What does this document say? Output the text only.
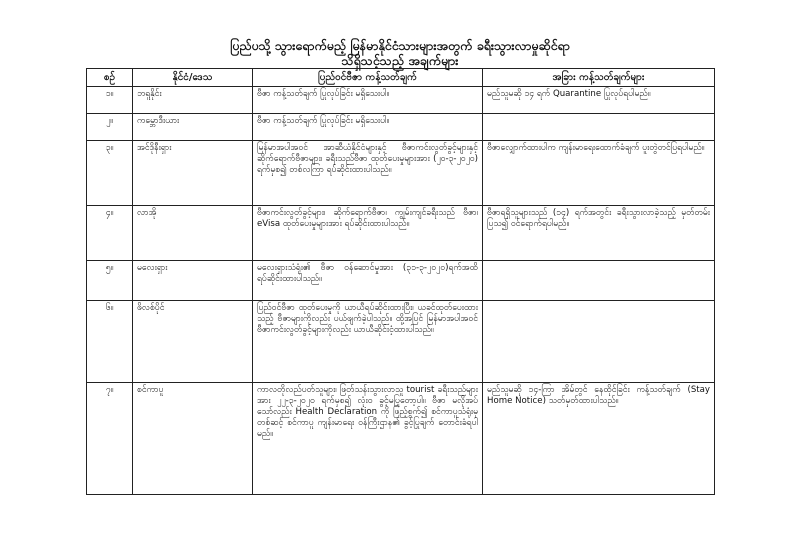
ပြည်ပသို့ သွားရောက်မည့် မြန်မာနိုင်ငံသားများအတွက် ခရီးသွားလာမှုဆိုင်ရာ
သိရှိသင့်သည့် အချက်များ
စဉ်	နိုင်ငံ/ဒေသ	ပြည်ဝင်ဗီဇာ ကန့်သတ်ချက်	အခြား ကန့်သတ်ချက်များ
၁။	ဘရူနိုင်း	ဗီဇာ ကန့်သတ်ချက် ပြုလုပ်ခြင်း မရှိသေးပါ။	မည်သူမဆို ၁၄ ရက် Quarantine ပြုလုပ်ရပါမည်။
၂။	ကမ္ဘောဒီးယား	ဗီဇာ ကန့်သတ်ချက် ပြုလုပ်ခြင်း မရှိသေးပါ။	
၃။	အင်ဒိုနီးရှား	မြန်မာအပါအဝင် အာဆီယံနိုင်ငံများနှင့် ဗီဇာကင်းလွတ်ခွင့်များနှင့် ဆိုက်ရောက်ဗီဇာများ၊ ခရီးသည်ဗီဇာ ထုတ်ပေးမှုများအား (၂၀-၃-၂၀၂၀) ရက်မှစ၍ တစ်လကြာ ရပ်ဆိုင်းထားပါသည်။	ဗီဇာလျှောက်ထားပါက ကျန်းမာရေးထောက်ခံချက် ပူးတွဲတင်ပြရပါမည်။
၄။	လာအို	ဗီဇာကင်းလွတ်ခွင့်များ၊ ဆိုက်ရောက်ဗီဇာ၊ ကျွမ်းကျင်ခရီးသည် ဗီဇာ၊ eVisa ထုတ်ပေးမှုများအား ရပ်ဆိုင်းထားပါသည်။	ဗီဇာရရှိသူများသည် (၁၄) ရက်အတွင်း ခရီးသွားလာခဲ့သည့် မှတ်တမ်းပြသ၍ ဝင်ရောက်ရပါမည်။
၅။	မလေးရှား	မလေးရှားသံရုံး၏ ဗီဇာ ဝန်ဆောင်မှုအား (၃၁-၃-၂၀၂၀)ရက်အထိ ရပ်ဆိုင်းထားပါသည်။	
၆။	ဖိလစ်ပိုင်	ပြည်ဝင်ဗီဇာ ထုတ်ပေးမှုကို ယာယီရပ်ဆိုင်းထားပြီး၊ ယခင်ထုတ်ပေးထားသည့် ဗီဇာများကိုလည်း ပယ်ဖျက်ခဲ့ပါသည်။ ထို့အပြင် မြန်မာအပါအဝင် ဗီဇာကင်းလွတ်ခွင့်များကိုလည်း ယာယီဆိုင်းငံ့ထားပါသည်။	
၇။	စင်ကာပူ	ကာလတိုလည်ပတ်သူများ၊ ဖြတ်သန်းသွားလာသူ tourist ခရီးသည်များအား ၂၂-၃-၂၀၂၀ ရက်မှစ၍ လုံးဝ ခွင့်မပြုတော့ပါ။ ဗီဇာ မလိုအပ်သော်လည်း Health Declaration ကို ဖြည့်စွက်၍ စင်ကာပူသံရုံးမှတစ်ဆင့် စင်ကာပူ ကျန်းမာရေး ဝန်ကြီးဌာန၏ ခွင့်ပြုချက် တောင်းခံရပါမည်။	မည်သူမဆို ၁၄-ကြာ အိမ်တွင် နေထိုင်ခြင်း ကန့်သတ်ချက် (Stay Home Notice) သတ်မှတ်ထားပါသည်။
